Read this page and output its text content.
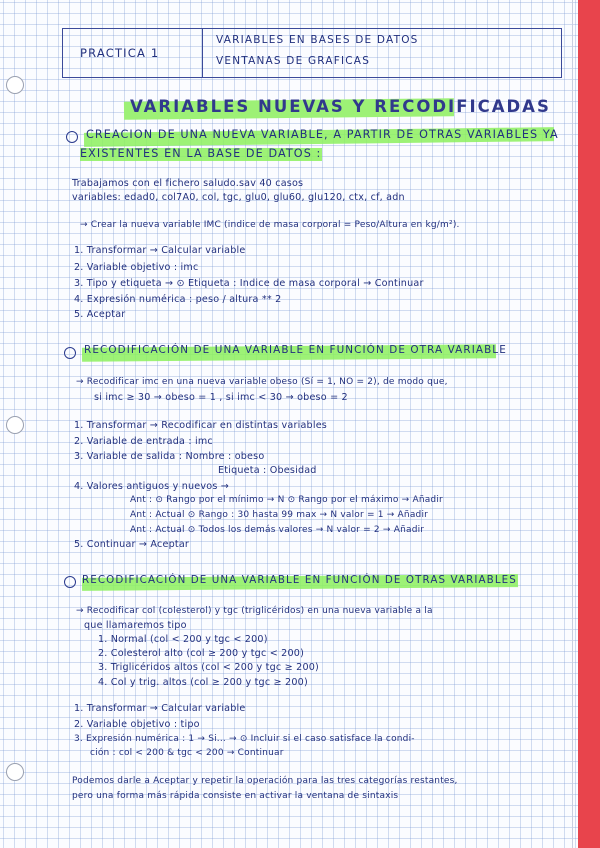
PRACTICA 1
VARIABLES EN BASES DE DATOS
VENTANAS DE GRAFICAS
VARIABLES NUEVAS Y RECODIFICADAS
CREACION DE UNA NUEVA VARIABLE, A PARTIR DE OTRAS VARIABLES YA
EXISTENTES EN LA BASE DE DATOS :
Trabajamos con el fichero saludo.sav 40 casos
variables: edad0, col7A0, col, tgc, glu0, glu60, glu120, ctx, cf, adn
→ Crear la nueva variable IMC (indice de masa corporal = Peso/Altura en kg/m²).
1. Transformar → Calcular variable
2. Variable objetivo : imc
3. Tipo y etiqueta → ⊙ Etiqueta : Indice de masa corporal → Continuar
4. Expresión numérica : peso / altura ** 2
5. Aceptar
RECODIFICACIÓN DE UNA VARIABLE EN FUNCIÓN DE OTRA VARIABLE
→ Recodificar imc en una nueva variable obeso (Sí = 1, NO = 2), de modo que,
si imc ≥ 30 → obeso = 1 , si imc < 30 → obeso = 2
1. Transformar → Recodificar en distintas variables
2. Variable de entrada : imc
3. Variable de salida : Nombre : obeso
Etiqueta : Obesidad
4. Valores antiguos y nuevos →
Ant : ⊙ Rango por el mínimo → N ⊙ Rango por el máximo → Añadir
Ant : Actual ⊙ Rango : 30 hasta 99 max → N valor = 1 → Añadir
Ant : Actual ⊙ Todos los demás valores → N valor = 2 → Añadir
5. Continuar → Aceptar
RECODIFICACIÓN DE UNA VARIABLE EN FUNCIÓN DE OTRAS VARIABLES
→ Recodificar col (colesterol) y tgc (triglicéridos) en una nueva variable a la
que llamaremos tipo
1. Normal (col < 200 y tgc < 200)
2. Colesterol alto (col ≥ 200 y tgc < 200)
3. Triglicéridos altos (col < 200 y tgc ≥ 200)
4. Col y trig. altos (col ≥ 200 y tgc ≥ 200)
1. Transformar → Calcular variable
2. Variable objetivo : tipo
3. Expresión numérica : 1 → Si... → ⊙ Incluir si el caso satisface la condi-
ción : col < 200 & tgc < 200 → Continuar
Podemos darle a Aceptar y repetir la operación para las tres categorías restantes,
pero una forma más rápida consiste en activar la ventana de sintaxis
